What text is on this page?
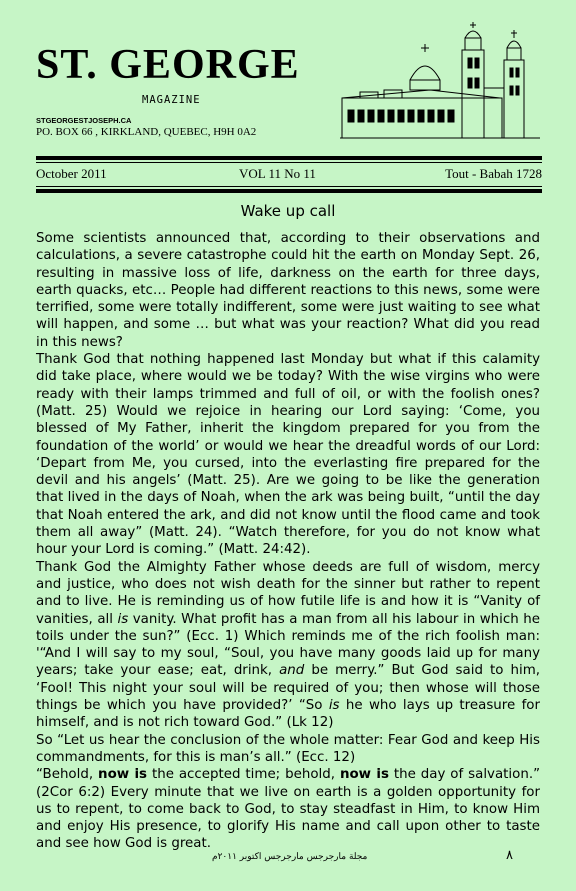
ST. GEORGE
MAGAZINE
STGEORGESTJOSEPH.CA
PO. BOX 66 , KIRKLAND, QUEBEC, H9H 0A2
October 2011	VOL 11 No 11	Tout - Babah 1728
Wake up call

Some scientists announced that, according to their observations and calculations, a severe catastrophe could hit the earth on Monday Sept. 26, resulting in massive loss of life, darkness on the earth for three days, earth quacks, etc… People had different reactions to this news, some were terrified, some were totally indifferent, some were just waiting to see what will happen, and some … but what was your reaction? What did you read in this news?

Thank God that nothing happened last Monday but what if this calamity did take place, where would we be today? With the wise virgins who were ready with their lamps trimmed and full of oil, or with the foolish ones? (Matt. 25) Would we rejoice in hearing our Lord saying: ‘Come, you blessed of My Father, inherit the kingdom prepared for you from the foundation of the world’ or would we hear the dreadful words of our Lord: ‘Depart from Me, you cursed, into the everlasting fire prepared for the devil and his angels’ (Matt. 25). Are we going to be like the generation that lived in the days of Noah, when the ark was being built, “until the day that Noah entered the ark, and did not know until the flood came and took them all away” (Matt. 24). “Watch therefore, for you do not know what hour your Lord is coming.” (Matt. 24:42).

Thank God the Almighty Father whose deeds are full of wisdom, mercy and justice, who does not wish death for the sinner but rather to repent and to live. He is reminding us of how futile life is and how it is “Vanity of vanities, all is vanity. What profit has a man from all his labour in which he toils under the sun?” (Ecc. 1) Which reminds me of the rich foolish man: '“And I will say to my soul, “Soul, you have many goods laid up for many years; take your ease; eat, drink, and be merry.” But God said to him, ‘Fool! This night your soul will be required of you; then whose will those things be which you have provided?’ “So is he who lays up treasure for himself, and is not rich toward God.” (Lk 12)

So “Let us hear the conclusion of the whole matter: Fear God and keep His commandments, for this is man’s all.” (Ecc. 12)

“Behold, now is the accepted time; behold, now is the day of salvation.” (2Cor 6:2) Every minute that we live on earth is a golden opportunity for us to repent, to come back to God, to stay steadfast in Him, to know Him and enjoy His presence, to glorify His name and call upon other to taste and see how God is great.

مجلة مارجرجس مارجرجس اكتوبر ٢٠١١م	٨
